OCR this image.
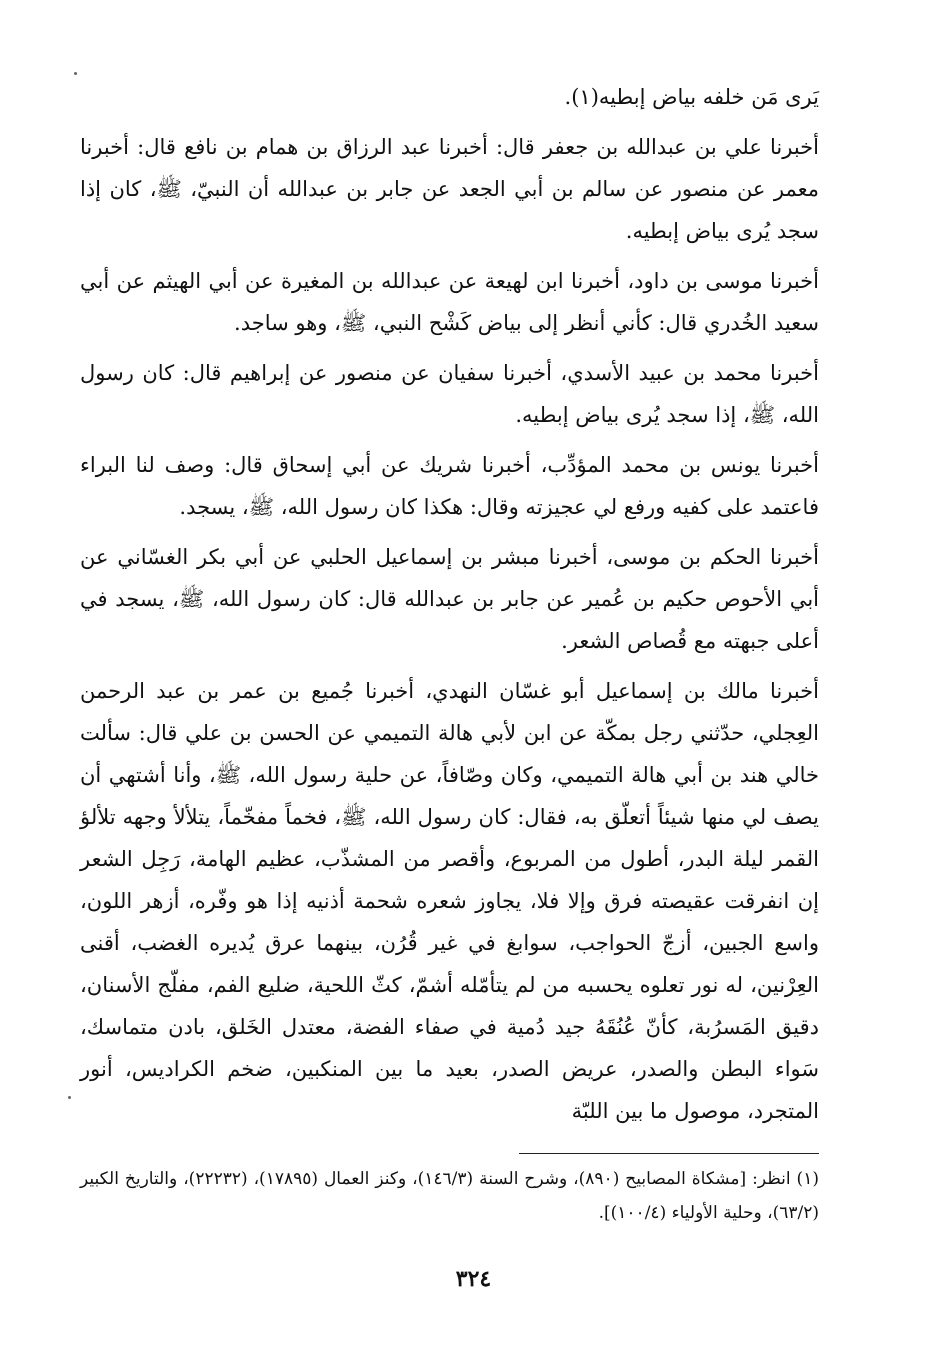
يَرى مَن خلفه بياض إبطيه(١).

أخبرنا علي بن عبدالله بن جعفر قال: أخبرنا عبد الرزاق بن همام بن نافع قال: أخبرنا معمر عن منصور عن سالم بن أبي الجعد عن جابر بن عبدالله أن النبيّ، ﷺ، كان إذا سجد يُرى بياض إبطيه.

أخبرنا موسى بن داود، أخبرنا ابن لهيعة عن عبدالله بن المغيرة عن أبي الهيثم عن أبي سعيد الخُدري قال: كأني أنظر إلى بياض كَشْح النبي، ﷺ، وهو ساجد.

أخبرنا محمد بن عبيد الأسدي، أخبرنا سفيان عن منصور عن إبراهيم قال: كان رسول الله، ﷺ، إذا سجد يُرى بياض إبطيه.

أخبرنا يونس بن محمد المؤدِّب، أخبرنا شريك عن أبي إسحاق قال: وصف لنا البراء فاعتمد على كفيه ورفع لي عجيزته وقال: هكذا كان رسول الله، ﷺ، يسجد.

أخبرنا الحكم بن موسى، أخبرنا مبشر بن إسماعيل الحلبي عن أبي بكر الغسّاني عن أبي الأحوص حكيم بن عُمير عن جابر بن عبدالله قال: كان رسول الله، ﷺ، يسجد في أعلى جبهته مع قُصاص الشعر.

أخبرنا مالك بن إسماعيل أبو غسّان النهدي، أخبرنا جُميع بن عمر بن عبد الرحمن العِجلي، حدّثني رجل بمكّة عن ابن لأبي هالة التميمي عن الحسن بن علي قال: سألت خالي هند بن أبي هالة التميمي، وكان وصّافاً، عن حلية رسول الله، ﷺ، وأنا أشتهي أن يصف لي منها شيئاً أتعلّق به، فقال: كان رسول الله، ﷺ، فخماً مفخّماً، يتلألأ وجهه تلألؤ القمر ليلة البدر، أطول من المربوع، وأقصر من المشذّب، عظيم الهامة، رَجِل الشعر إن انفرقت عقيصته فرق وإلا فلا، يجاوز شعره شحمة أذنيه إذا هو وفّره، أزهر اللون، واسع الجبين، أزجّ الحواجب، سوابغ في غير قُرُن، بينهما عرق يُديره الغضب، أقنى العِرْنين، له نور تعلوه يحسبه من لم يتأمّله أشمّ، كثّ اللحية، ضليع الفم، مفلّج الأسنان، دقيق المَسرُبة، كأنّ عُنُقَهُ جيد دُمية في صفاء الفضة، معتدل الخَلق، بادن متماسك، سَواء البطن والصدر، عريض الصدر، بعيد ما بين المنكبين، ضخم الكراديس، أنور المتجرد، موصول ما بين اللبّة

(١) انظر: [مشكاة المصابيح (٨٩٠)، وشرح السنة (١٤٦/٣)، وكنز العمال (١٧٨٩٥)، (٢٢٢٣٢)، والتاريخ الكبير (٦٣/٢)، وحلية الأولياء (١٠٠/٤)].

٣٢٤
